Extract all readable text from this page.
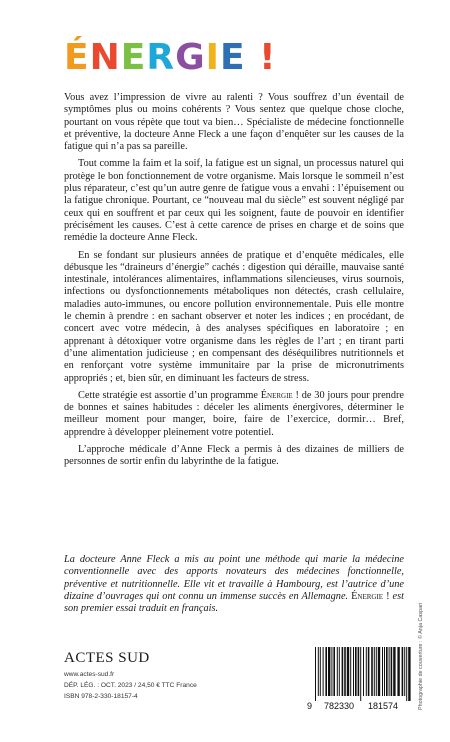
ÉNERGIE !

Vous avez l’impression de vivre au ralenti ? Vous souffrez d’un éventail de symptômes plus ou moins cohérents ? Vous sentez que quelque chose cloche, pourtant on vous répète que tout va bien… Spécialiste de médecine fonctionnelle et préventive, la docteure Anne Fleck a une façon d’enquêter sur les causes de la fatigue qui n’a pas sa pareille.

Tout comme la faim et la soif, la fatigue est un signal, un processus naturel qui protège le bon fonctionnement de votre organisme. Mais lorsque le sommeil n’est plus réparateur, c’est qu’un autre genre de fatigue vous a envahi : l’épuisement ou la fatigue chronique. Pourtant, ce “nouveau mal du siècle” est souvent négligé par ceux qui en souffrent et par ceux qui les soignent, faute de pouvoir en identifier précisément les causes. C’est à cette carence de prises en charge et de soins que remédie la docteure Anne Fleck.

En se fondant sur plusieurs années de pratique et d’enquête médicales, elle débusque les “draineurs d’énergie” cachés : digestion qui déraille, mauvaise santé intestinale, intolérances alimentaires, inflammations silencieuses, virus sournois, infections ou dysfonctionnements métaboliques non détectés, crash cellulaire, maladies auto-immunes, ou encore pollution environnementale. Puis elle montre le chemin à prendre : en sachant observer et noter les indices ; en procédant, de concert avec votre médecin, à des analyses spécifiques en laboratoire ; en apprenant à détoxiquer votre organisme dans les règles de l’art ; en tirant parti d’une alimentation judicieuse ; en compensant des déséquilibres nutritionnels et en renforçant votre système immunitaire par la prise de micronutriments appropriés ; et, bien sûr, en diminuant les facteurs de stress.

Cette stratégie est assortie d’un programme Énergie ! de 30 jours pour prendre de bonnes et saines habitudes : déceler les aliments énergivores, déterminer le meilleur moment pour manger, boire, faire de l’exercice, dormir… Bref, apprendre à développer pleinement votre potentiel.

L’approche médicale d’Anne Fleck a permis à des dizaines de milliers de personnes de sortir enfin du labyrinthe de la fatigue.

La docteure Anne Fleck a mis au point une méthode qui marie la médecine conventionnelle avec des apports novateurs des médecines fonctionnelle, préventive et nutritionnelle. Elle vit et travaille à Hambourg, est l’autrice d’une dizaine d’ouvrages qui ont connu un immense succès en Allemagne. Énergie ! est son premier essai traduit en français.

ACTES SUD

www.actes-sud.fr
DÉP. LÉG. : OCT. 2023 / 24,50 € TTC France
ISBN 978-2-330-18157-4
9 782330 181574	Photographie de couverture : © Anja Caspari
